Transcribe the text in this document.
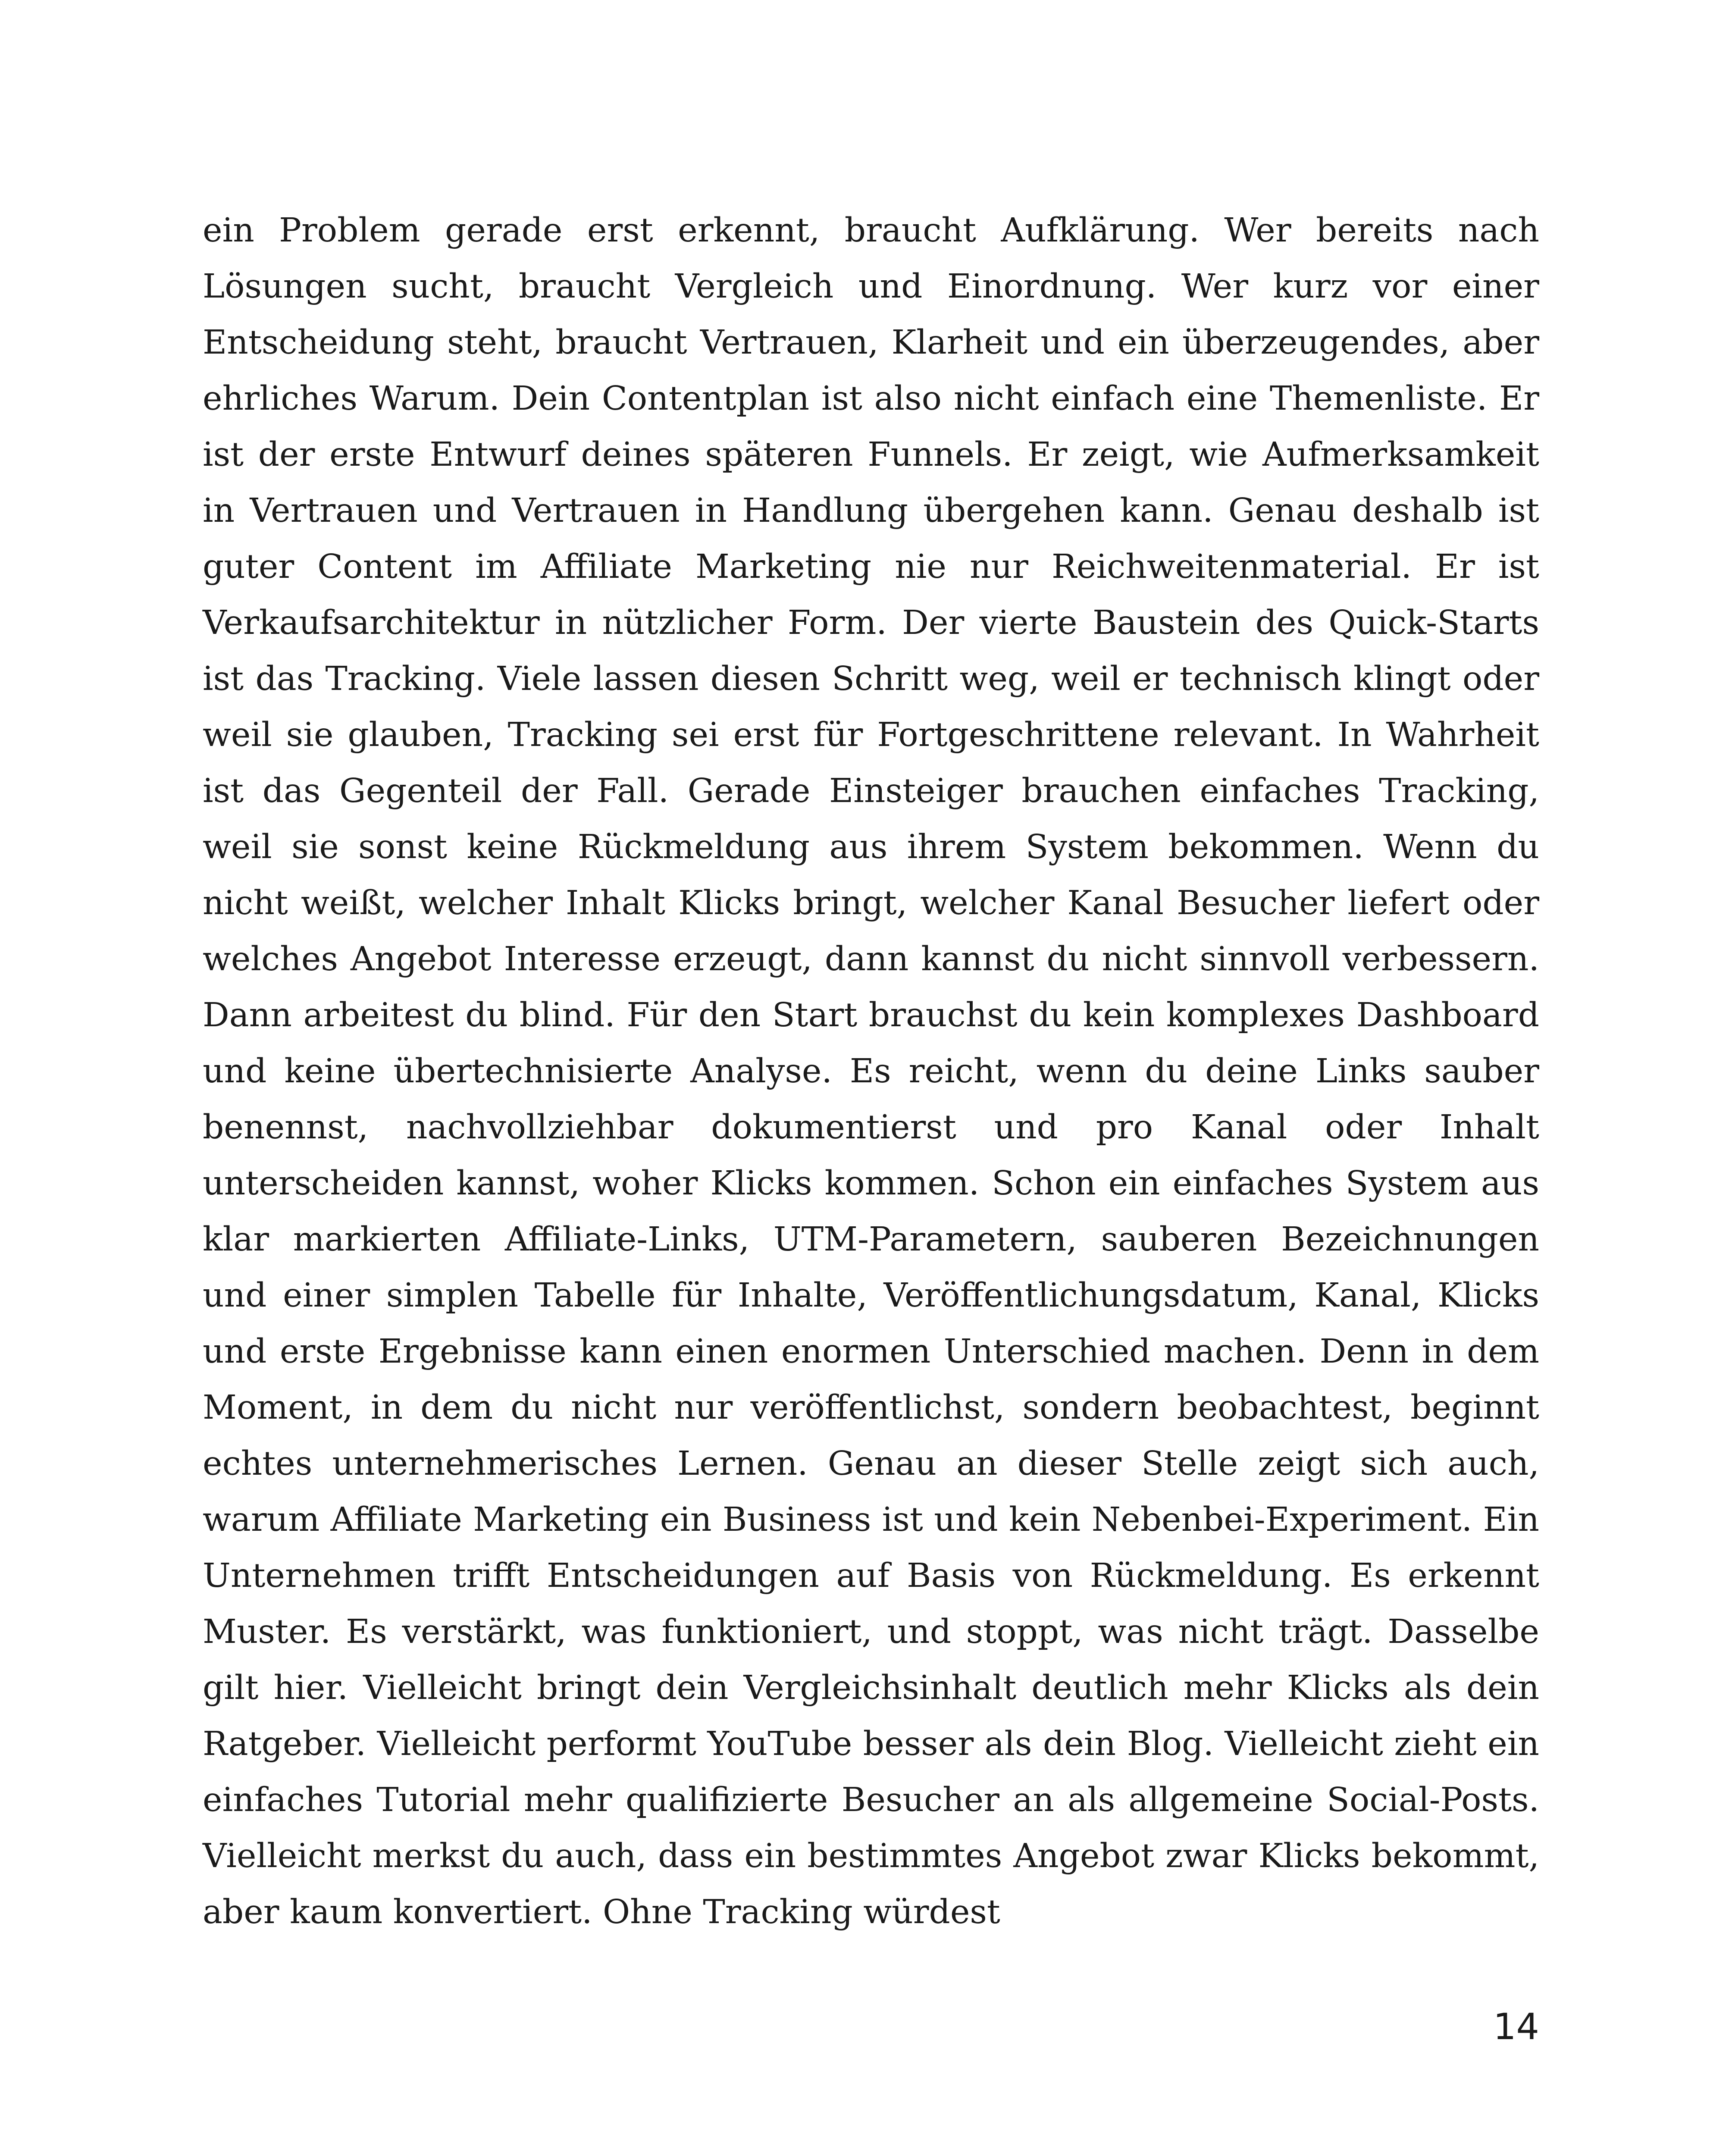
ein Problem gerade erst erkennt, braucht Aufklärung. Wer bereits nach Lösungen sucht, braucht Vergleich und Einordnung. Wer kurz vor einer Entscheidung steht, braucht Vertrauen, Klarheit und ein überzeugendes, aber ehrliches Warum. Dein Contentplan ist also nicht einfach eine Themenliste. Er ist der erste Entwurf deines späteren Funnels. Er zeigt, wie Aufmerksamkeit in Vertrauen und Vertrauen in Handlung übergehen kann. Genau deshalb ist guter Content im Affiliate Marketing nie nur Reichweitenmaterial. Er ist Verkaufsarchitektur in nützlicher Form. Der vierte Baustein des Quick-Starts ist das Tracking. Viele lassen diesen Schritt weg, weil er technisch klingt oder weil sie glauben, Tracking sei erst für Fortgeschrittene relevant. In Wahrheit ist das Gegenteil der Fall. Gerade Einsteiger brauchen einfaches Tracking, weil sie sonst keine Rückmeldung aus ihrem System bekommen. Wenn du nicht weißt, welcher Inhalt Klicks bringt, welcher Kanal Besucher liefert oder welches Angebot Interesse erzeugt, dann kannst du nicht sinnvoll verbessern. Dann arbeitest du blind. Für den Start brauchst du kein komplexes Dashboard und keine übertechnisierte Analyse. Es reicht, wenn du deine Links sauber benennst, nachvollziehbar dokumentierst und pro Kanal oder Inhalt unterscheiden kannst, woher Klicks kommen. Schon ein einfaches System aus klar markierten Affiliate-Links, UTM-Parametern, sauberen Bezeichnungen und einer simplen Tabelle für Inhalte, Veröffentlichungsdatum, Kanal, Klicks und erste Ergebnisse kann einen enormen Unterschied machen. Denn in dem Moment, in dem du nicht nur veröffentlichst, sondern beobachtest, beginnt echtes unternehmerisches Lernen. Genau an dieser Stelle zeigt sich auch, warum Affiliate Marketing ein Business ist und kein Nebenbei-Experiment. Ein Unternehmen trifft Entscheidungen auf Basis von Rückmeldung. Es erkennt Muster. Es verstärkt, was funktioniert, und stoppt, was nicht trägt. Dasselbe gilt hier. Vielleicht bringt dein Vergleichsinhalt deutlich mehr Klicks als dein Ratgeber. Vielleicht performt YouTube besser als dein Blog. Vielleicht zieht ein einfaches Tutorial mehr qualifizierte Besucher an als allgemeine Social-Posts. Vielleicht merkst du auch, dass ein bestimmtes Angebot zwar Klicks bekommt, aber kaum konvertiert. Ohne Tracking würdest

14
